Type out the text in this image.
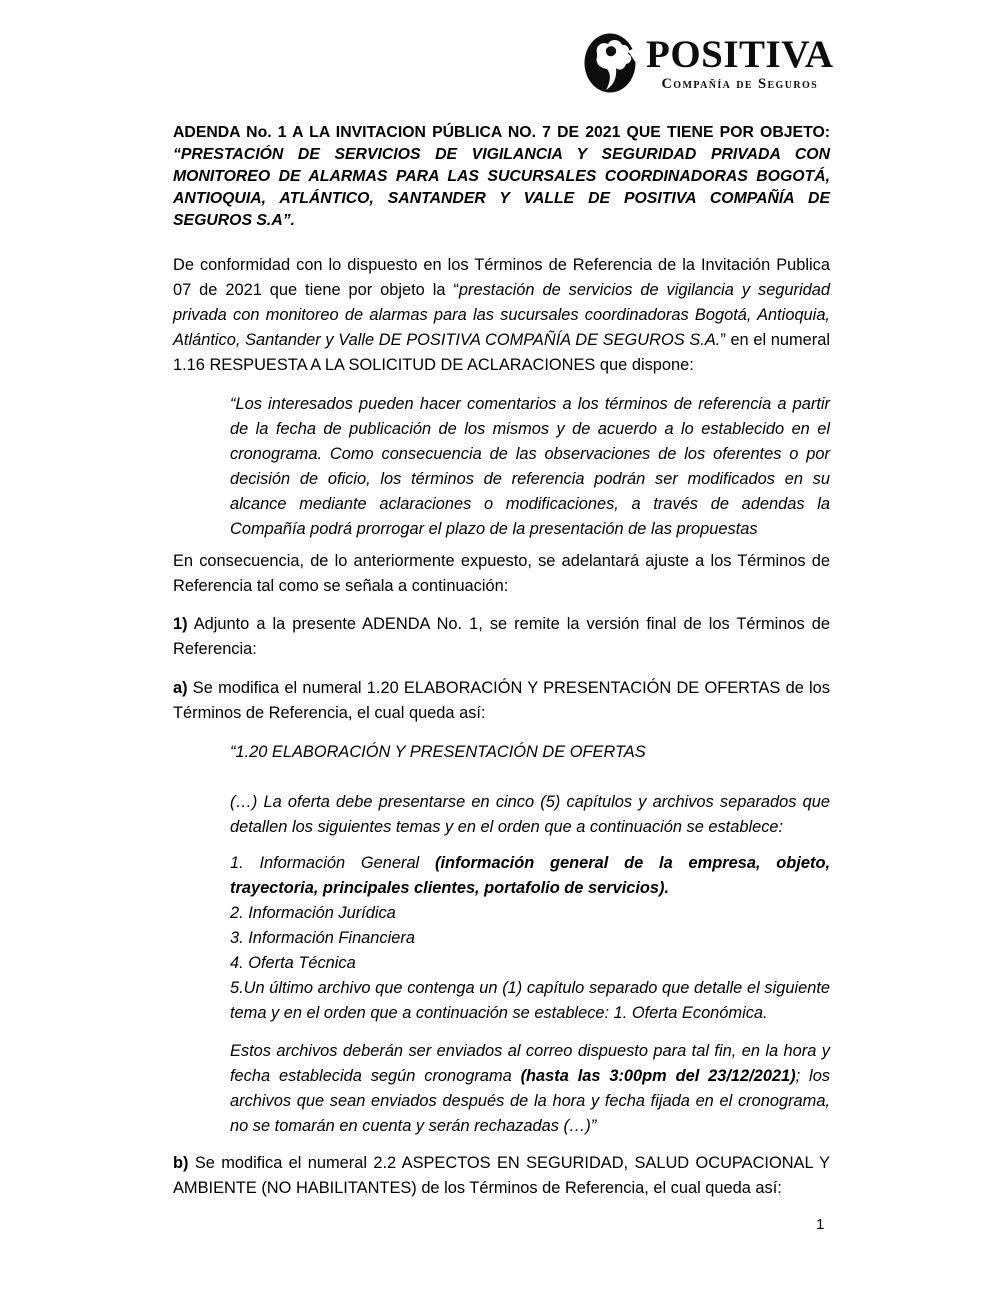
POSITIVA
Compañía de Seguros

ADENDA No. 1 A LA INVITACION PÚBLICA NO. 7 DE 2021 QUE TIENE POR OBJETO: “PRESTACIÓN DE SERVICIOS DE VIGILANCIA Y SEGURIDAD PRIVADA CON MONITOREO DE ALARMAS PARA LAS SUCURSALES COORDINADORAS BOGOTÁ, ANTIOQUIA, ATLÁNTICO, SANTANDER Y VALLE DE POSITIVA COMPAÑÍA DE SEGUROS S.A”.

De conformidad con lo dispuesto en los Términos de Referencia de la Invitación Publica 07 de 2021 que tiene por objeto la “prestación de servicios de vigilancia y seguridad privada con monitoreo de alarmas para las sucursales coordinadoras Bogotá, Antioquia, Atlántico, Santander y Valle DE POSITIVA COMPAÑÍA DE SEGUROS S.A.” en el numeral 1.16 RESPUESTA A LA SOLICITUD DE ACLARACIONES que dispone:

“Los interesados pueden hacer comentarios a los términos de referencia a partir de la fecha de publicación de los mismos y de acuerdo a lo establecido en el cronograma. Como consecuencia de las observaciones de los oferentes o por decisión de oficio, los términos de referencia podrán ser modificados en su alcance mediante aclaraciones o modificaciones, a través de adendas la Compañía podrá prorrogar el plazo de la presentación de las propuestas

En consecuencia, de lo anteriormente expuesto, se adelantará ajuste a los Términos de Referencia tal como se señala a continuación:

1) Adjunto a la presente ADENDA No. 1, se remite la versión final de los Términos de Referencia:

a) Se modifica el numeral 1.20 ELABORACIÓN Y PRESENTACIÓN DE OFERTAS de los Términos de Referencia, el cual queda así:

“1.20 ELABORACIÓN Y PRESENTACIÓN DE OFERTAS

(…) La oferta debe presentarse en cinco (5) capítulos y archivos separados que detallen los siguientes temas y en el orden que a continuación se establece:

1. Información General (información general de la empresa, objeto, trayectoria, principales clientes, portafolio de servicios).

2. Información Jurídica

3. Información Financiera

4. Oferta Técnica

5.Un último archivo que contenga un (1) capítulo separado que detalle el siguiente tema y en el orden que a continuación se establece: 1. Oferta Económica.

Estos archivos deberán ser enviados al correo dispuesto para tal fin, en la hora y fecha establecida según cronograma (hasta las 3:00pm del 23/12/2021); los archivos que sean enviados después de la hora y fecha fijada en el cronograma, no se tomarán en cuenta y serán rechazadas (…)”

b) Se modifica el numeral 2.2 ASPECTOS EN SEGURIDAD, SALUD OCUPACIONAL Y AMBIENTE (NO HABILITANTES) de los Términos de Referencia, el cual queda así:

1
